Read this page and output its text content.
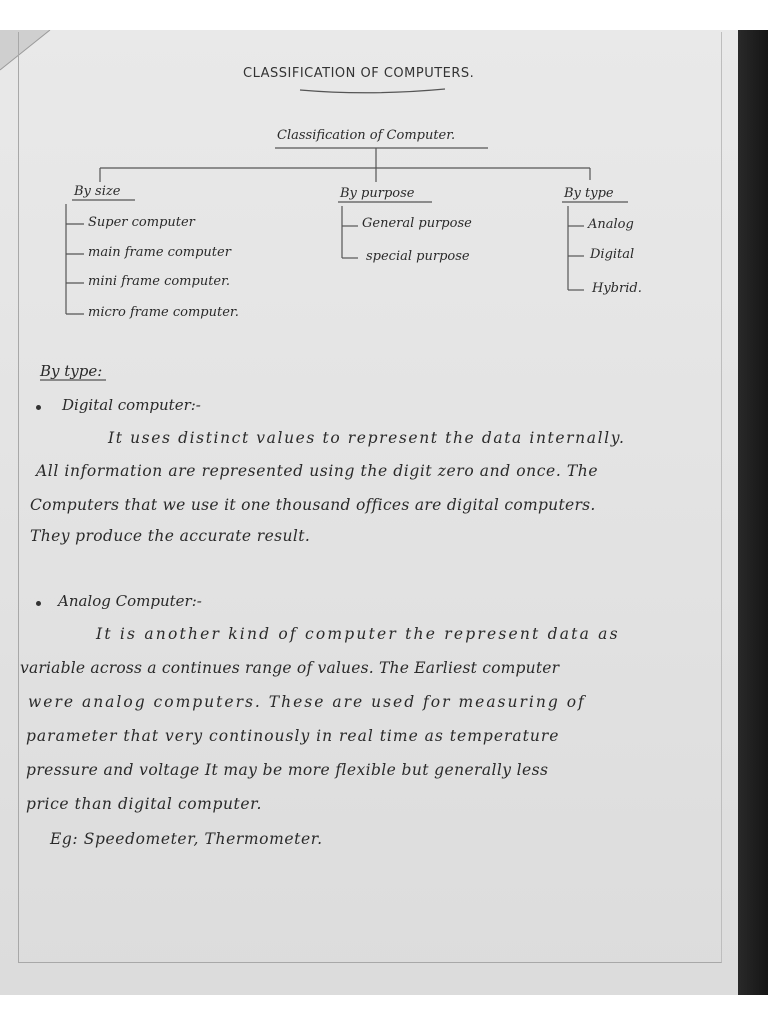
CLASSIFICATION OF COMPUTERS.
Classification of Computer.
By size
Super computer
main frame computer
mini frame computer.
micro frame computer.
By purpose
General purpose
special purpose
By type
Analog
Digital
Hybrid.
By type:
Digital computer:-
It uses distinct values to represent the data internally.
All information are represented using the digit zero and once. The
Computers that we use it one thousand offices are digital computers.
They produce the accurate result.
Analog Computer:-
It is another kind of computer the represent data as
variable across a continues range of values. The Earliest computer
were analog computers. These are used for measuring of
parameter that very continously in real time as temperature
pressure and voltage It may be more flexible but generally less
price than digital computer.
Eg: Speedometer, Thermometer.
